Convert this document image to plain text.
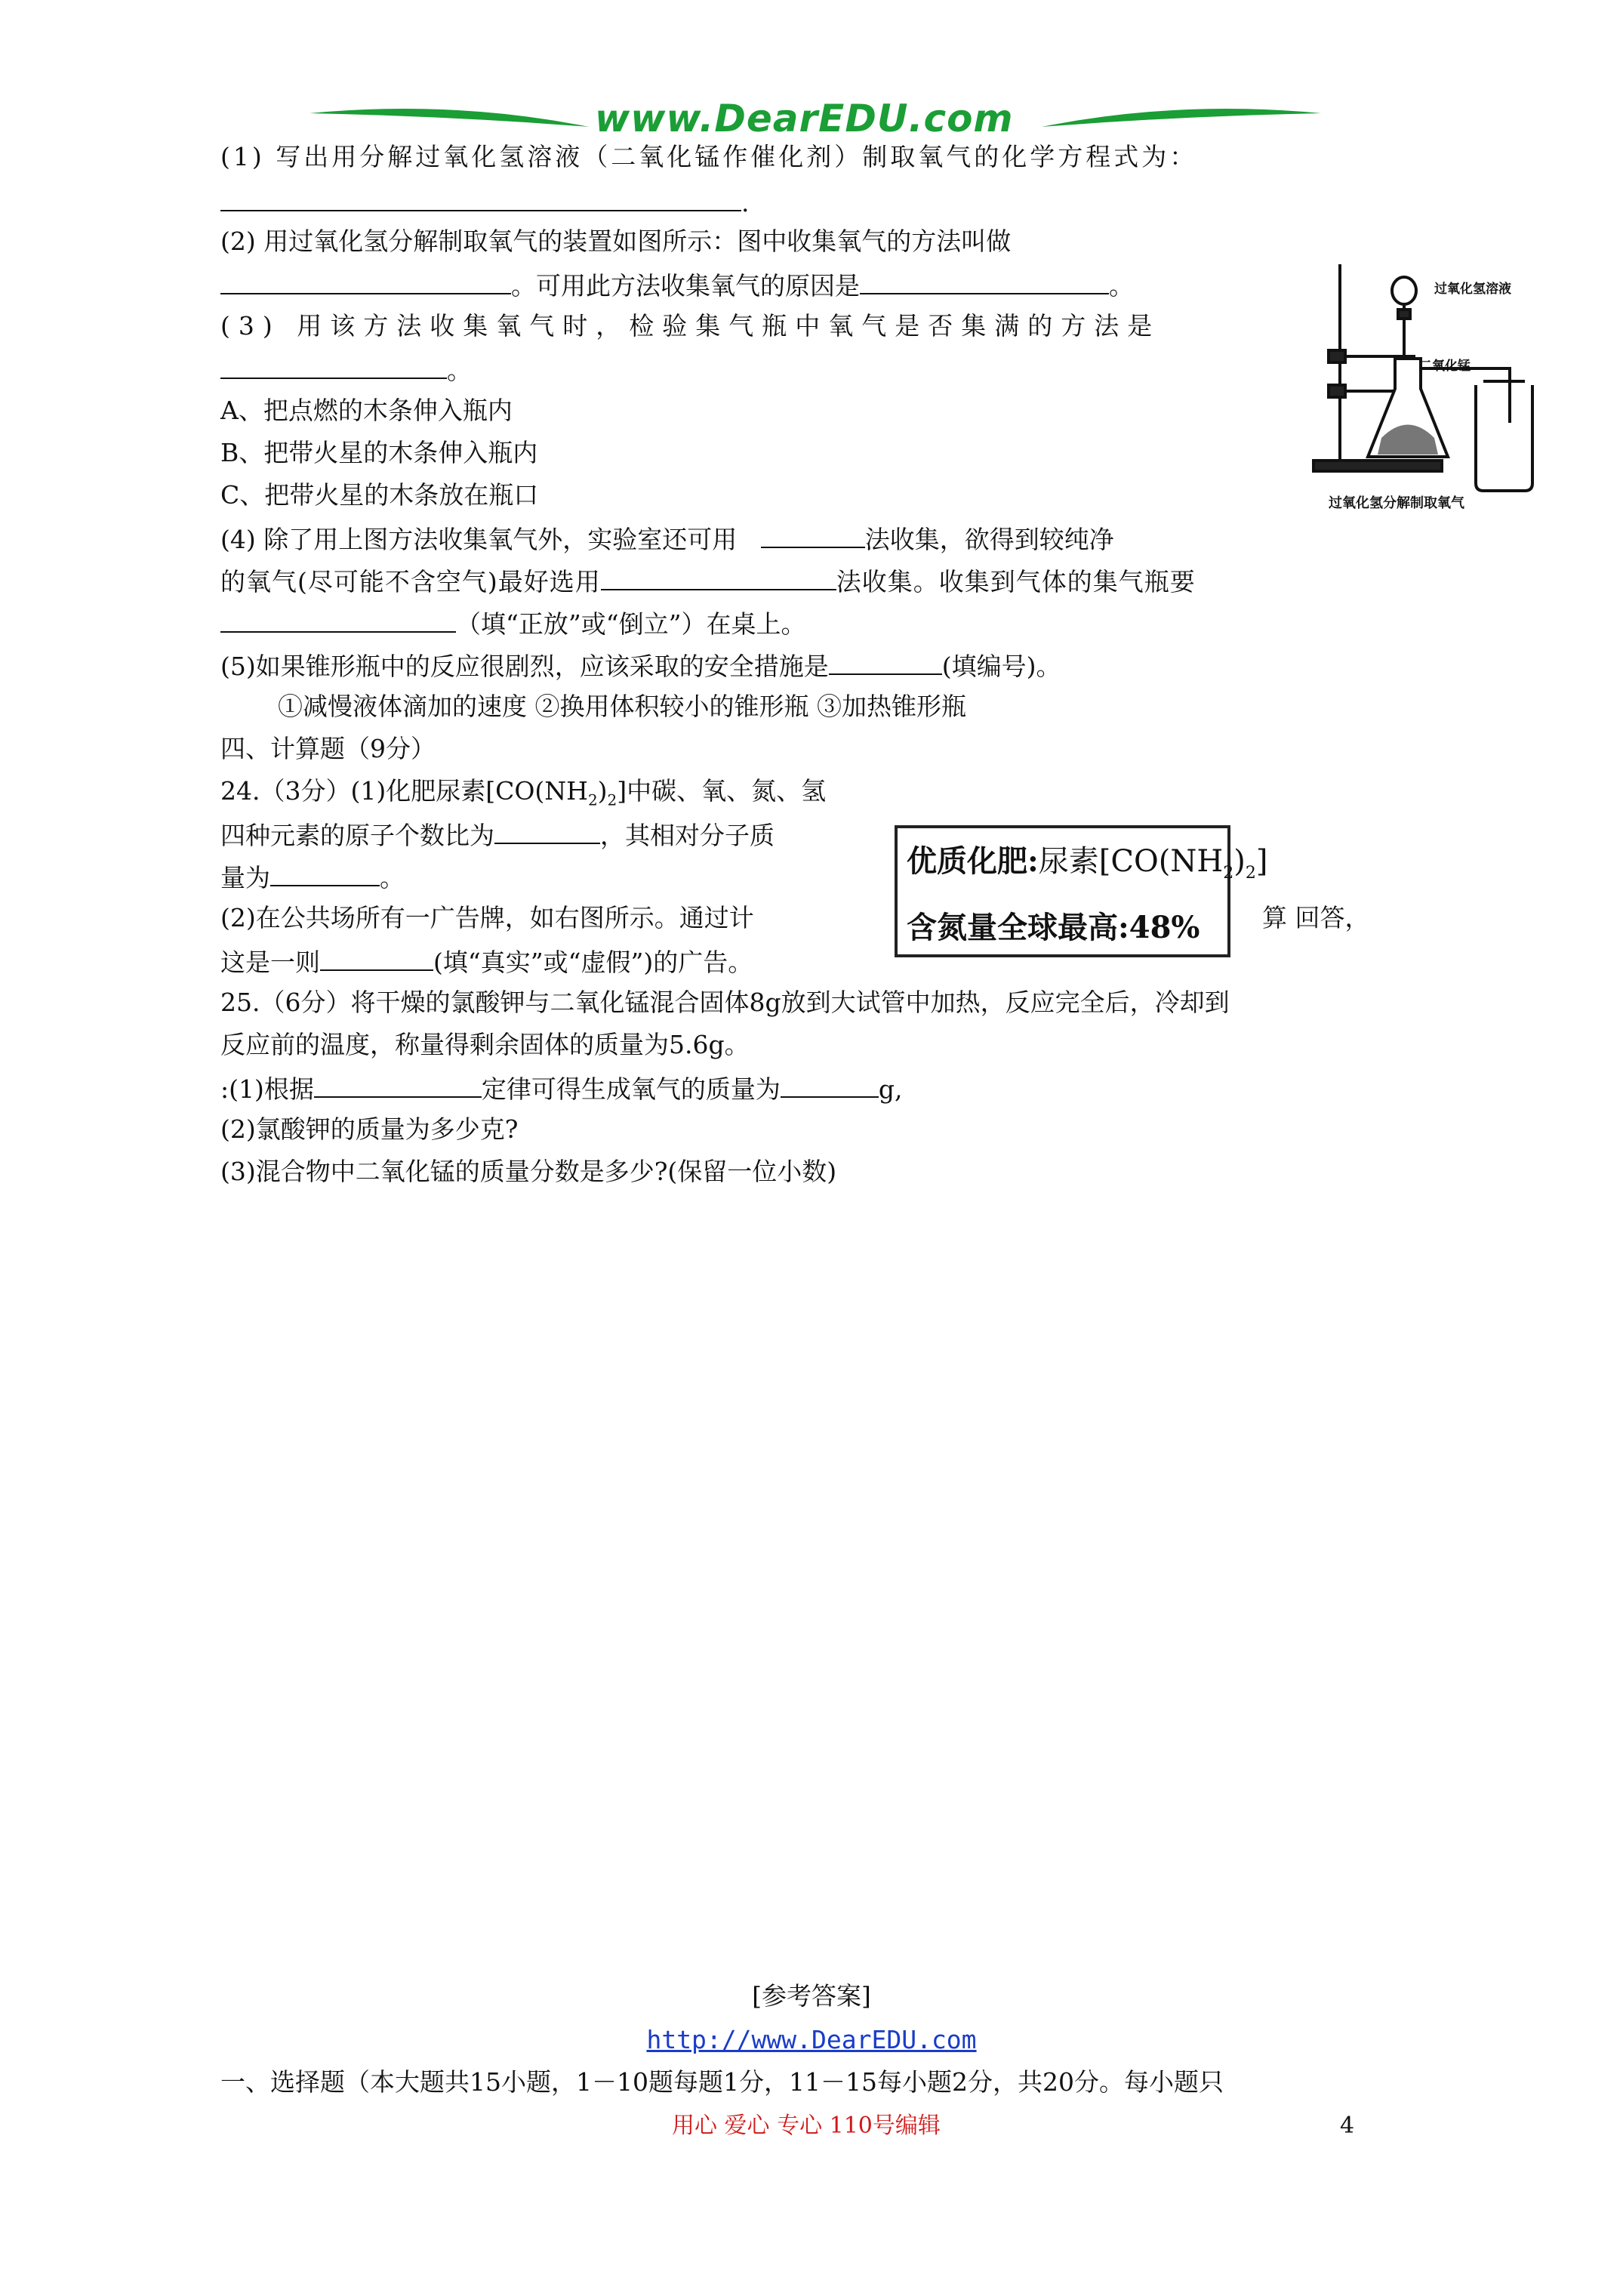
www.DearEDU.com
(1) 写出用分解过氧化氢溶液（二氧化锰作催化剂）制取氧气的化学方程式为：
.
(2) 用过氧化氢分解制取氧气的装置如图所示：图中收集氧气的方法叫做
。可用此方法收集氧气的原因是	。
(3) 用该方法收集氧气时，检验集气瓶中氧气是否集满的方法是
。
A、把点燃的木条伸入瓶内
B、把带火星的木条伸入瓶内
C、把带火星的木条放在瓶口
过氧化氢溶液
二氧化锰
过氧化氢分解制取氧气
(4) 除了用上图方法收集氧气外，实验室还可用	法收集，欲得到较纯净
的氧气(尽可能不含空气)最好选用	法收集。收集到气体的集气瓶要
（填“正放”或“倒立”）在桌上。
(5)如果锥形瓶中的反应很剧烈，应该采取的安全措施是	(填编号)。
①减慢液体滴加的速度 ②换用体积较小的锥形瓶 ③加热锥形瓶
四、计算题（9分）
24.（3分）(1)化肥尿素$[CO(NH_2)_2]$中碳、氧、氮、氢
四种元素的原子个数比为	，其相对分子质
量为	。
(2)在公共场所有一广告牌，如右图所示。通过计	算 回答，
这是一则	(填“真实”或“虚假”)的广告。
优质化肥:尿素$[CO(NH_2)_2]$
含氮量全球最高:48%
25.（6分）将干燥的氯酸钾与二氧化锰混合固体8g放到大试管中加热，反应完全后，冷却到
反应前的温度，称量得剩余固体的质量为5.6g。
:(1)根据	定律可得生成氧气的质量为	g,
(2)氯酸钾的质量为多少克?
(3)混合物中二氧化锰的质量分数是多少?(保留一位小数)
[参考答案]
http://www.DearEDU.com
一、选择题（本大题共15小题，1－10题每题1分，11－15每小题2分，共20分。每小题只
用心 爱心 专心 110号编辑	4
